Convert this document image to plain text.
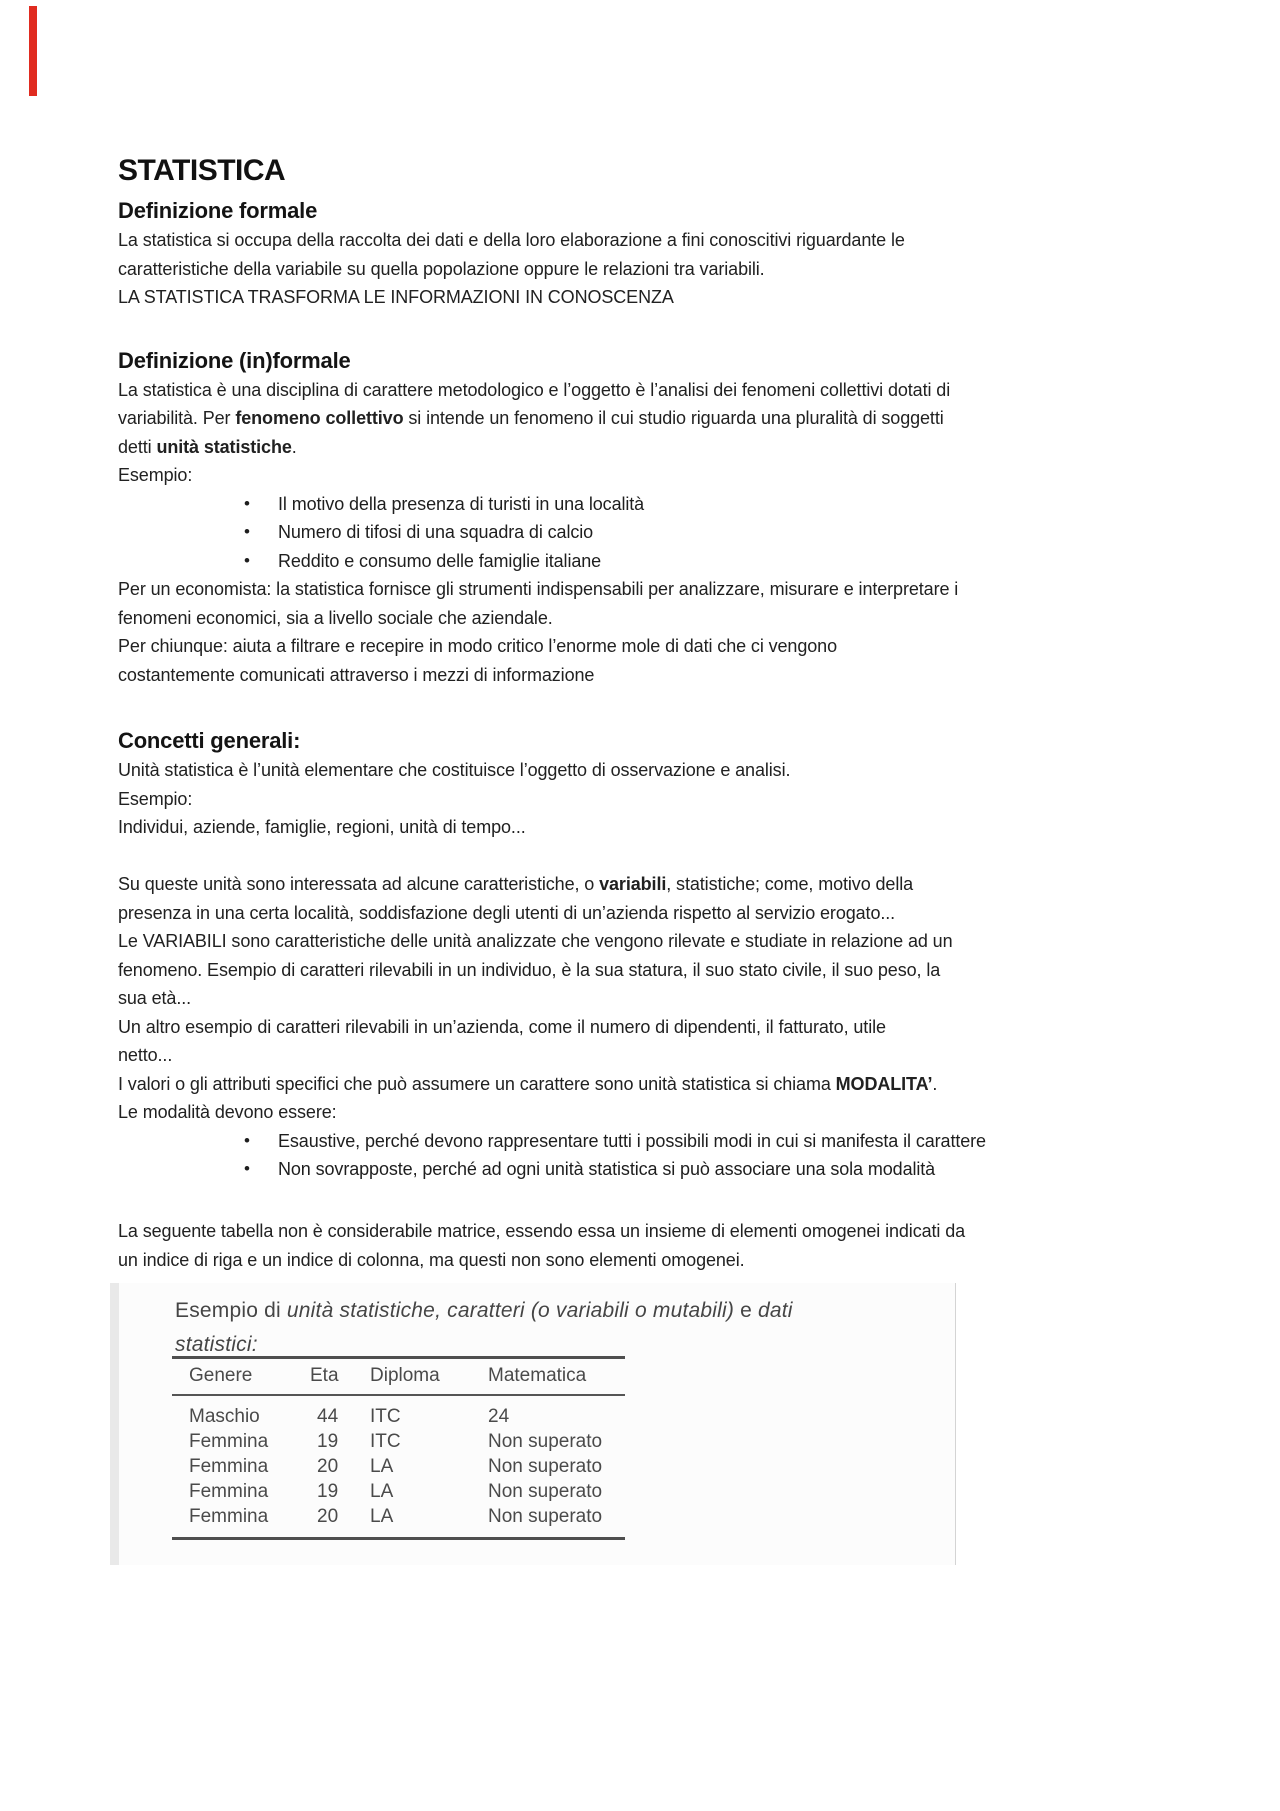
STATISTICA
Definizione formale
La statistica si occupa della raccolta dei dati e della loro elaborazione a fini conoscitivi riguardante le
caratteristiche della variabile su quella popolazione oppure le relazioni tra variabili.
LA STATISTICA TRASFORMA LE INFORMAZIONI IN CONOSCENZA
Definizione (in)formale
La statistica è una disciplina di carattere metodologico e l’oggetto è l’analisi dei fenomeni collettivi dotati di
variabilità. Per fenomeno collettivo si intende un fenomeno il cui studio riguarda una pluralità di soggetti
detti unità statistiche.
Esempio:
• Il motivo della presenza di turisti in una località
• Numero di tifosi di una squadra di calcio
• Reddito e consumo delle famiglie italiane
Per un economista: la statistica fornisce gli strumenti indispensabili per analizzare, misurare e interpretare i
fenomeni economici, sia a livello sociale che aziendale.
Per chiunque: aiuta a filtrare e recepire in modo critico l’enorme mole di dati che ci vengono
costantemente comunicati attraverso i mezzi di informazione
Concetti generali:
Unità statistica è l’unità elementare che costituisce l’oggetto di osservazione e analisi.
Esempio:
Individui, aziende, famiglie, regioni, unità di tempo...
Su queste unità sono interessata ad alcune caratteristiche, o variabili, statistiche; come, motivo della
presenza in una certa località, soddisfazione degli utenti di un’azienda rispetto al servizio erogato...
Le VARIABILI sono caratteristiche delle unità analizzate che vengono rilevate e studiate in relazione ad un
fenomeno. Esempio di caratteri rilevabili in un individuo, è la sua statura, il suo stato civile, il suo peso, la
sua età...
Un altro esempio di caratteri rilevabili in un’azienda, come il numero di dipendenti, il fatturato, utile
netto...
I valori o gli attributi specifici che può assumere un carattere sono unità statistica si chiama MODALITA’.
Le modalità devono essere:
• Esaustive, perché devono rappresentare tutti i possibili modi in cui si manifesta il carattere
• Non sovrapposte, perché ad ogni unità statistica si può associare una sola modalità
La seguente tabella non è considerabile matrice, essendo essa un insieme di elementi omogenei indicati da
un indice di riga e un indice di colonna, ma questi non sono elementi omogenei.
Esempio di unità statistiche, caratteri (o variabili o mutabili) e dati
statistici:
Genere	Eta Diploma	Matematica
Maschio	44 ITC	24
Femmina	19 ITC	Non superato
Femmina	20 LA	Non superato
Femmina	19 LA	Non superato
Femmina	20 LA	Non superato
